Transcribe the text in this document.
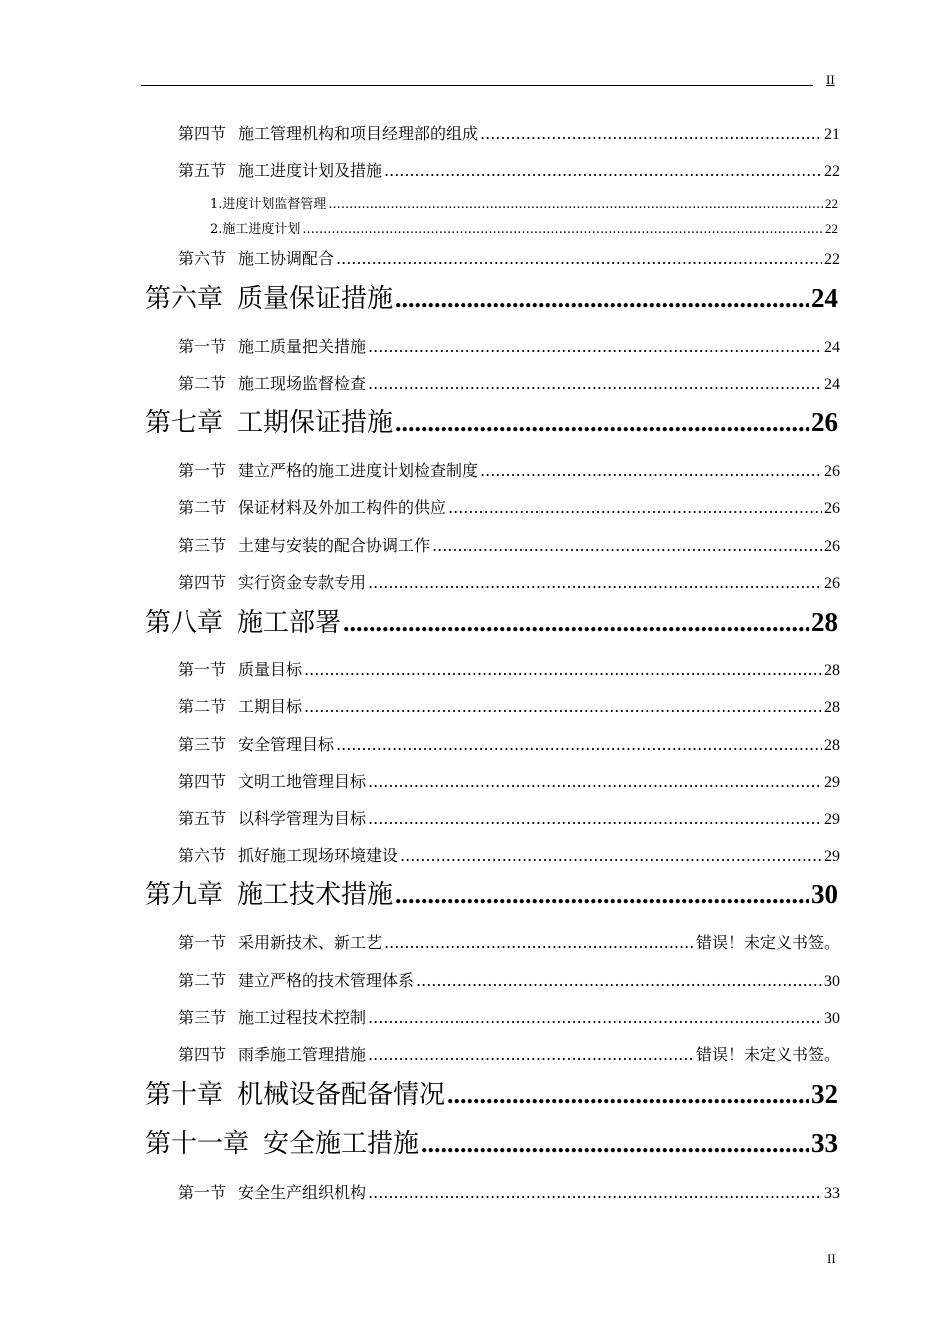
II
第四节 施工管理机构和项目经理部的组成 .....	21
第五节 施工进度计划及措施 .....	22
1.进度计划监督管理 .....	22
2.施工进度计划 .....	22
第六节 施工协调配合 .....	22
第六章 质量保证措施 .....	24
第一节 施工质量把关措施 .....	24
第二节 施工现场监督检查 .....	24
第七章 工期保证措施 .....	26
第一节 建立严格的施工进度计划检查制度 .....	26
第二节 保证材料及外加工构件的供应 .....	26
第三节 土建与安装的配合协调工作 .....	26
第四节 实行资金专款专用 .....	26
第八章 施工部署 .....	28
第一节 质量目标 .....	28
第二节 工期目标 .....	28
第三节 安全管理目标 .....	28
第四节 文明工地管理目标 .....	29
第五节 以科学管理为目标 .....	29
第六节 抓好施工现场环境建设 .....	29
第九章 施工技术措施 .....	30
第一节 采用新技术、新工艺 .....	错误！未定义书签。
第二节 建立严格的技术管理体系 .....	30
第三节 施工过程技术控制 .....	30
第四节 雨季施工管理措施 .....	错误！未定义书签。
第十章 机械设备配备情况 .....	32
第十一章 安全施工措施 .....	33
第一节 安全生产组织机构 .....	33
II
